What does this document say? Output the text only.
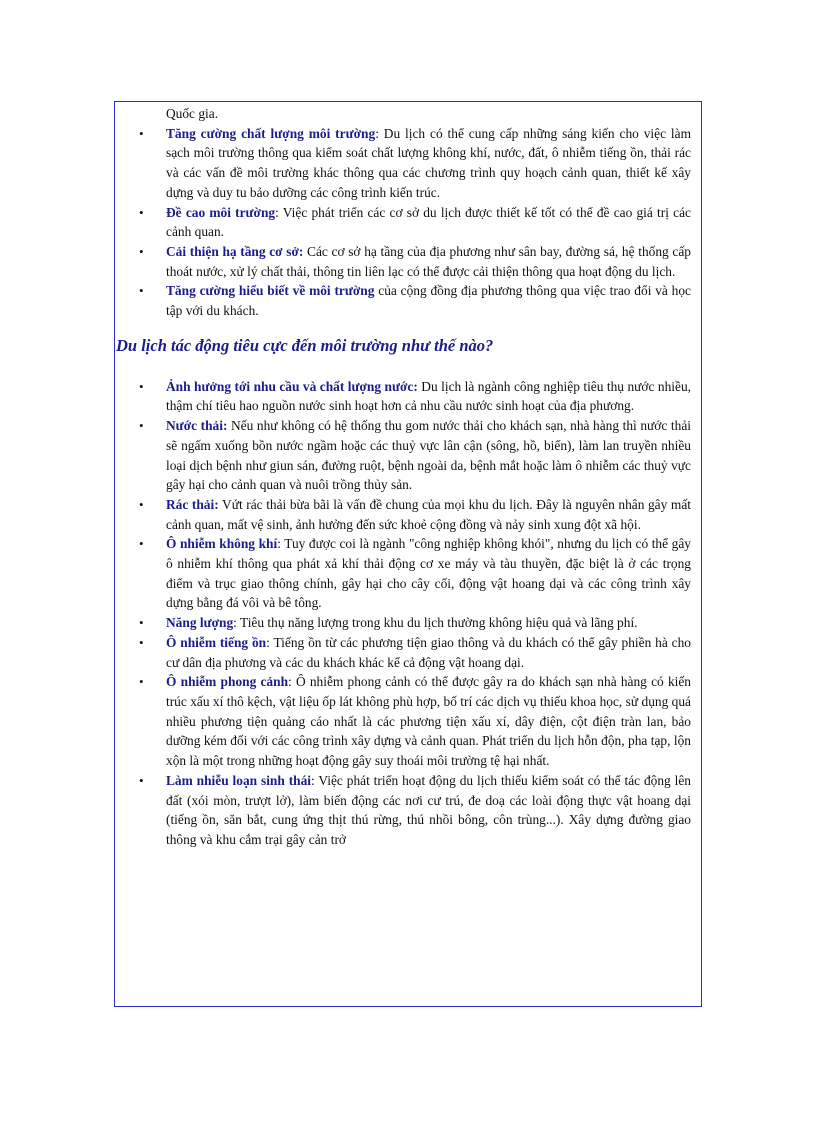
Quốc gia.
• Tăng cường chất lượng môi trường: Du lịch có thể cung cấp những sáng kiến cho việc làm sạch môi trường thông qua kiểm soát chất lượng không khí, nước, đất, ô nhiễm tiếng ồn, thải rác và các vấn đề môi trường khác thông qua các chương trình quy hoạch cảnh quan, thiết kế xây dựng và duy tu bảo dưỡng các công trình kiến trúc.
• Đề cao môi trường: Việc phát triển các cơ sở du lịch được thiết kế tốt có thể đề cao giá trị các cảnh quan.
• Cải thiện hạ tầng cơ sở: Các cơ sở hạ tầng của địa phương như sân bay, đường sá, hệ thống cấp thoát nước, xử lý chất thải, thông tin liên lạc có thể được cải thiện thông qua hoạt động du lịch.
• Tăng cường hiểu biết về môi trường của cộng đồng địa phương thông qua việc trao đổi và học tập với du khách.
Du lịch tác động tiêu cực đến môi trường như thế nào?
• Ảnh hưởng tới nhu cầu và chất lượng nước: Du lịch là ngành công nghiệp tiêu thụ nước nhiều, thậm chí tiêu hao nguồn nước sinh hoạt hơn cả nhu cầu nước sinh hoạt của địa phương.
• Nước thải: Nếu như không có hệ thống thu gom nước thải cho khách sạn, nhà hàng thì nước thải sẽ ngấm xuống bồn nước ngầm hoặc các thuỷ vực lân cận (sông, hồ, biển), làm lan truyền nhiều loại dịch bệnh như giun sán, đường ruột, bệnh ngoài da, bệnh mắt hoặc làm ô nhiễm các thuỷ vực gây hại cho cảnh quan và nuôi trồng thủy sản.
• Rác thải: Vứt rác thải bừa bãi là vấn đề chung của mọi khu du lịch. Đây là nguyên nhân gây mất cảnh quan, mất vệ sinh, ảnh hưởng đến sức khoẻ cộng đồng và nảy sinh xung đột xã hội.
• Ô nhiễm không khí: Tuy được coi là ngành "công nghiệp không khói", nhưng du lịch có thể gây ô nhiễm khí thông qua phát xả khí thải động cơ xe máy và tàu thuyền, đặc biệt là ở các trọng điểm và trục giao thông chính, gây hại cho cây cối, động vật hoang dại và các công trình xây dựng bằng đá vôi và bê tông.
• Năng lượng: Tiêu thụ năng lượng trong khu du lịch thường không hiệu quả và lãng phí.
• Ô nhiễm tiếng ồn: Tiếng ồn từ các phương tiện giao thông và du khách có thể gây phiền hà cho cư dân địa phương và các du khách khác kể cả động vật hoang dại.
• Ô nhiễm phong cảnh: Ô nhiễm phong cảnh có thể được gây ra do khách sạn nhà hàng có kiến trúc xấu xí thô kệch, vật liệu ốp lát không phù hợp, bố trí các dịch vụ thiếu khoa học, sử dụng quá nhiều phương tiện quảng cáo nhất là các phương tiện xấu xí, dây điện, cột điện tràn lan, bảo dưỡng kém đối với các công trình xây dựng và cảnh quan. Phát triển du lịch hỗn độn, pha tạp, lộn xộn là một trong những hoạt động gây suy thoái môi trường tệ hại nhất.
• Làm nhiễu loạn sinh thái: Việc phát triển hoạt động du lịch thiếu kiểm soát có thể tác động lên đất (xói mòn, trượt lở), làm biến động các nơi cư trú, đe doạ các loài động thực vật hoang dại (tiếng ồn, săn bắt, cung ứng thịt thú rừng, thú nhồi bông, côn trùng...). Xây dựng đường giao thông và khu cắm trại gây cản trở
